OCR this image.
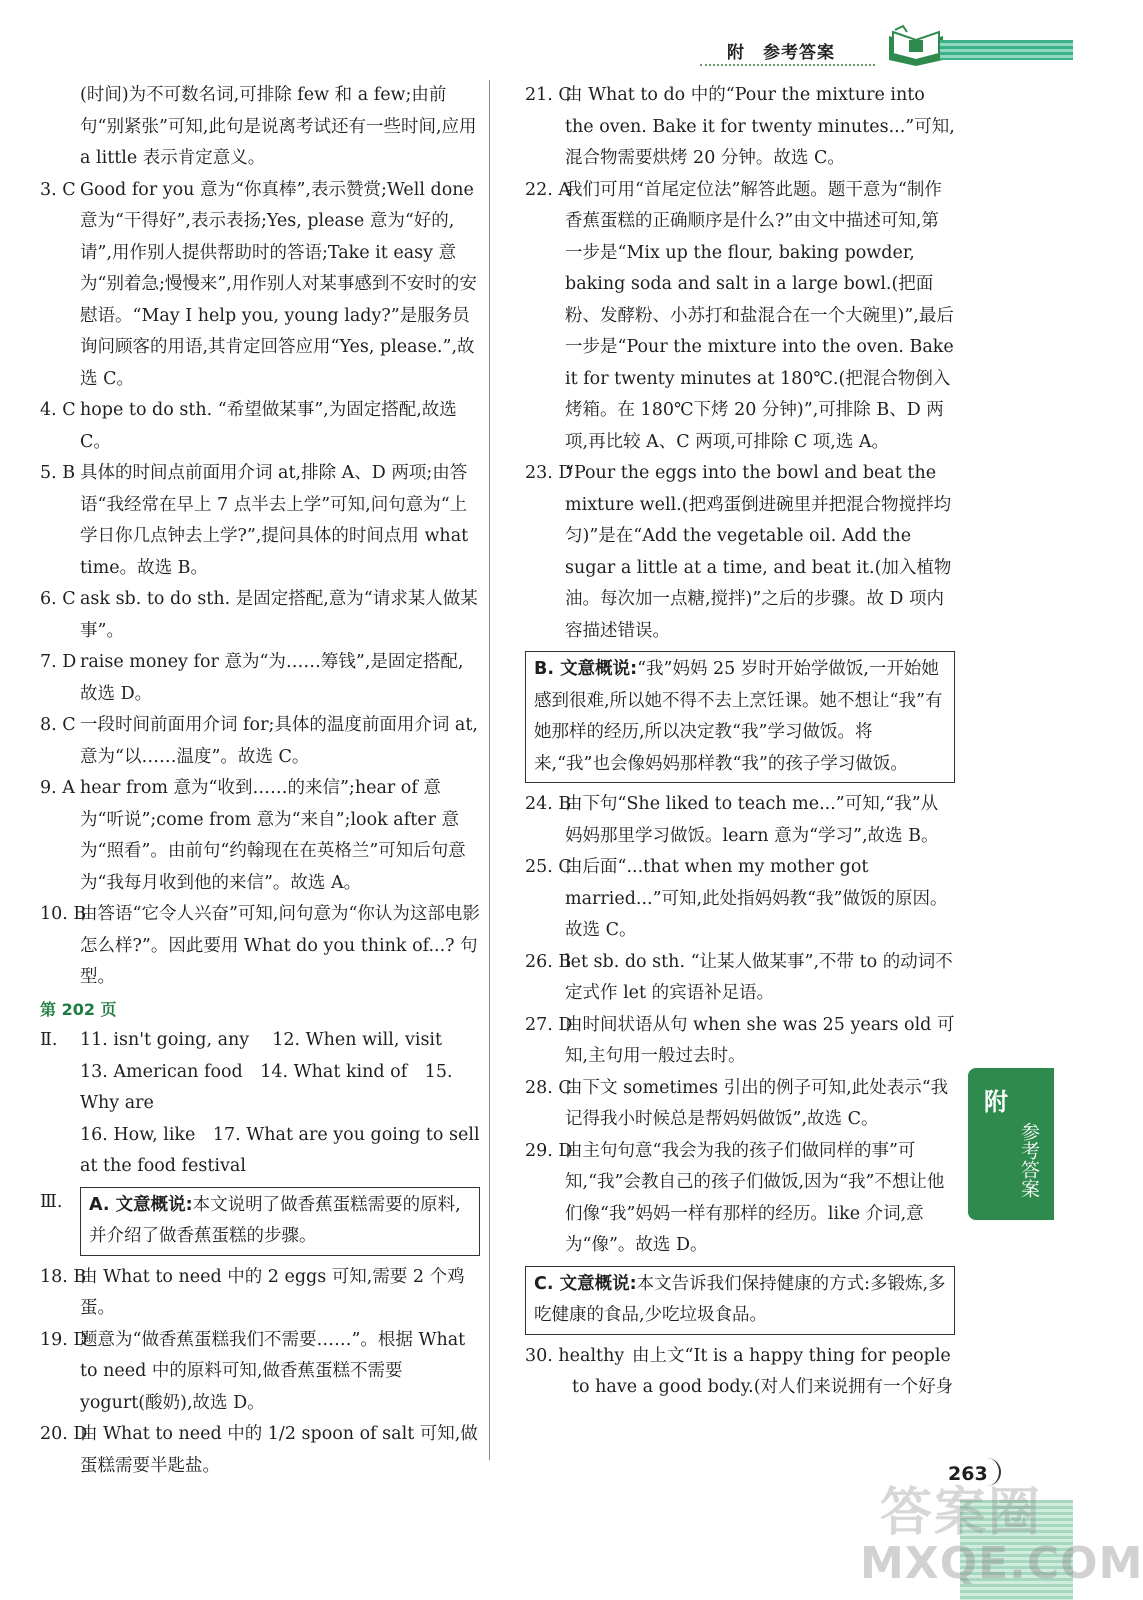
附　参考答案
(时间)为不可数名词,可排除 few 和 a few;由前句“别紧张”可知,此句是说离考试还有一些时间,应用 a little 表示肯定意义。
3. C Good for you 意为“你真棒”,表示赞赏;Well done 意为“干得好”,表示表扬;Yes, please 意为“好的,请”,用作别人提供帮助时的答语;Take it easy 意为“别着急;慢慢来”,用作别人对某事感到不安时的安慰语。“May I help you, young lady?”是服务员询问顾客的用语,其肯定回答应用“Yes, please.”,故选 C。
4. C hope to do sth. “希望做某事”,为固定搭配,故选 C。
5. B 具体的时间点前面用介词 at,排除 A、D 两项;由答语“我经常在早上 7 点半去上学”可知,问句意为“上学日你几点钟去上学?”,提问具体的时间点用 what time。故选 B。
6. C ask sb. to do sth. 是固定搭配,意为“请求某人做某事”。
7. D raise money for 意为“为……筹钱”,是固定搭配,故选 D。
8. C 一段时间前面用介词 for;具体的温度前面用介词 at,意为“以……温度”。故选 C。
9. A hear from 意为“收到……的来信”;hear of 意为“听说”;come from 意为“来自”;look after 意为“照看”。由前句“约翰现在在英格兰”可知后句意为“我每月收到他的来信”。故选 A。
10. B
由答语“它令人兴奋”可知,问句意为“你认为这部电影怎么样?”。因此要用 What do you think of...? 句型。
第 202 页
Ⅱ. 11. isn't going, any　 12. When will, visit
13. American food　14. What kind of　15. Why are
16. How, like　17. What are you going to sell at the food festival
Ⅲ.	A. 文意概说:本文说明了做香蕉蛋糕需要的原料,并介绍了做香蕉蛋糕的步骤。
18. B
由 What to need 中的 2 eggs 可知,需要 2 个鸡蛋。
19. D
题意为“做香蕉蛋糕我们不需要……”。根据 What to need 中的原料可知,做香蕉蛋糕不需要 yogurt(酸奶),故选 D。
20. D
由 What to need 中的 1/2 spoon of salt 可知,做蛋糕需要半匙盐。
21. C
由 What to do 中的“Pour the mixture into the oven. Bake it for twenty minutes...”可知,混合物需要烘烤 20 分钟。故选 C。
22. A
我们可用“首尾定位法”解答此题。题干意为“制作香蕉蛋糕的正确顺序是什么?”由文中描述可知,第一步是“Mix up the flour, baking powder, baking soda and salt in a large bowl.(把面粉、发酵粉、小苏打和盐混合在一个大碗里)”,最后一步是“Pour the mixture into the oven. Bake it for twenty minutes at 180℃.(把混合物倒入烤箱。在 180℃下烤 20 分钟)”,可排除 B、D 两项,再比较 A、C 两项,可排除 C 项,选 A。
23. D
“Pour the eggs into the bowl and beat the mixture well.(把鸡蛋倒进碗里并把混合物搅拌均匀)”是在“Add the vegetable oil. Add the sugar a little at a time, and beat it.(加入植物油。每次加一点糖,搅拌)”之后的步骤。故 D 项内容描述错误。
B. 文意概说:“我”妈妈 25 岁时开始学做饭,一开始她感到很难,所以她不得不去上烹饪课。她不想让“我”有她那样的经历,所以决定教“我”学习做饭。将来,“我”也会像妈妈那样教“我”的孩子学习做饭。
24. B
由下句“She liked to teach me...”可知,“我”从妈妈那里学习做饭。learn 意为“学习”,故选 B。
25. C
由后面“...that when my mother got married...”可知,此处指妈妈教“我”做饭的原因。故选 C。
26. B
let sb. do sth. “让某人做某事”,不带 to 的动词不定式作 let 的宾语补足语。
27. D
由时间状语从句 when she was 25 years old 可知,主句用一般过去时。
28. C
由下文 sometimes 引出的例子可知,此处表示“我记得我小时候总是帮妈妈做饭”,故选 C。
29. D
由主句句意“我会为我的孩子们做同样的事”可知,“我”会教自己的孩子们做饭,因为“我”不想让他们像“我”妈妈一样有那样的经历。like 介词,意为“像”。故选 D。
C. 文意概说:本文告诉我们保持健康的方式:多锻炼,多吃健康的食品,少吃垃圾食品。
30. healthy 由上文“It is a happy thing for people to have a good body.(对人们来说拥有一个好身
附
参考答案
答案圈
MXQE.COM
263
